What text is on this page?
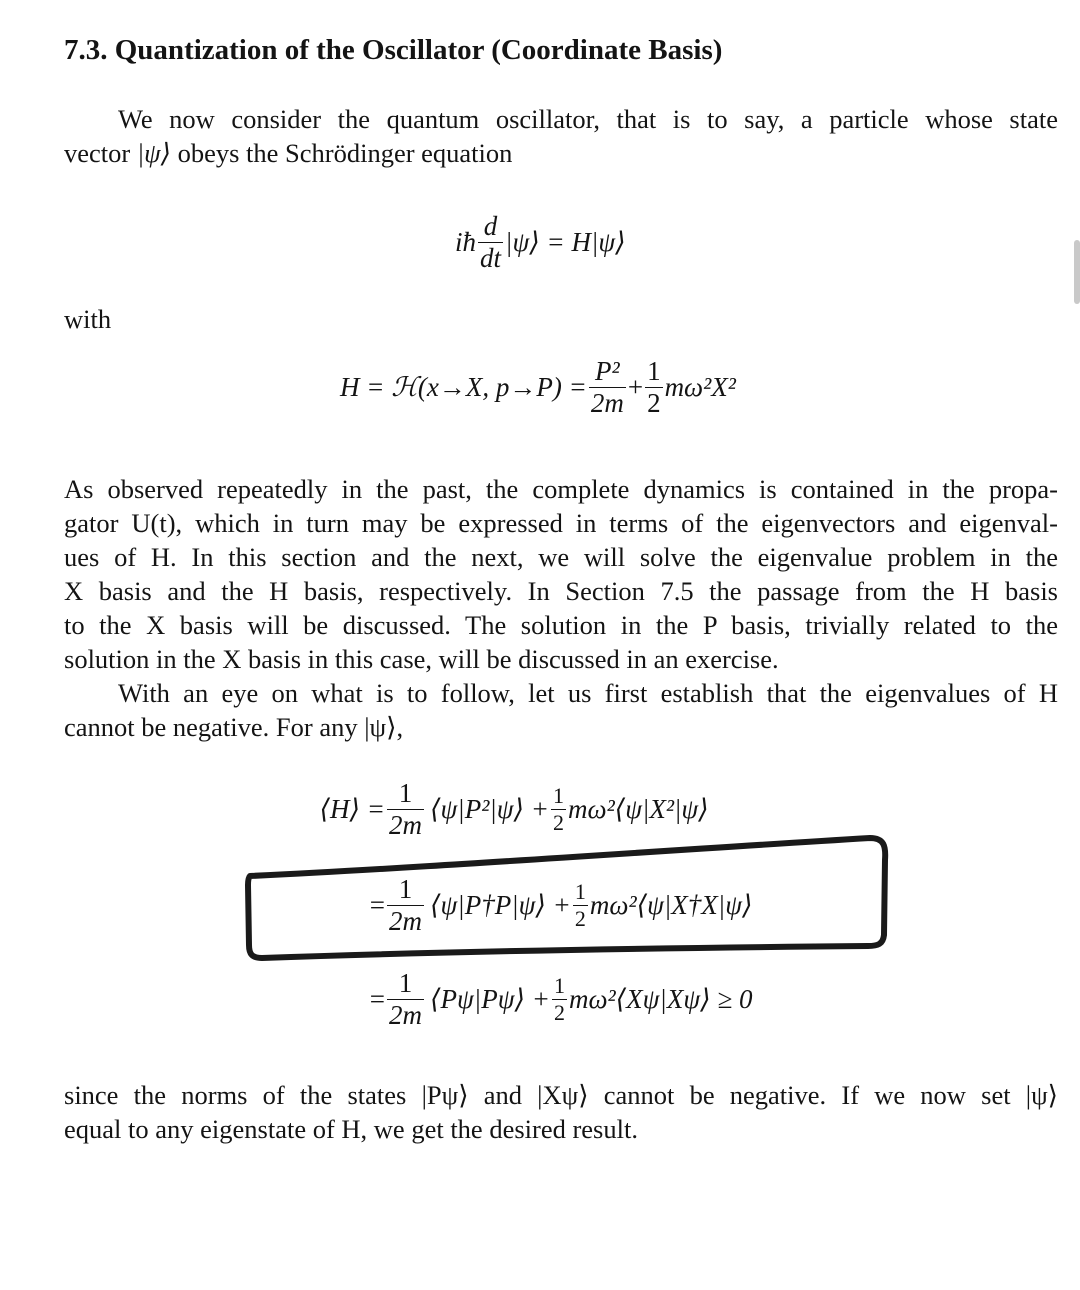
7.3. Quantization of the Oscillator (Coordinate Basis)

We now consider the quantum oscillator, that is to say, a particle whose state
vector |ψ⟩ obeys the Schrödinger equation

iħ $\frac{d}{dt}$ |ψ⟩ = H|ψ⟩

with

H = ℋ(x→X, $p\to P) = \frac{\text{P²}}{2m} + \frac{1}{2} m\omega^2X^2$

As observed repeatedly in the past, the complete dynamics is contained in the propa-
gator U(t), which in turn may be expressed in terms of the eigenvectors and eigenval-
ues of H. In this section and the next, we will solve the eigenvalue problem in the
X basis and the H basis, respectively. In Section 7.5 the passage from the H basis
to the X basis will be discussed. The solution in the P basis, trivially related to the
solution in the X basis in this case, will be discussed in an exercise.
With an eye on what is to follow, let us first establish that the eigenvalues of H
cannot be negative. For any |ψ⟩,

⟨H⟩ = $\frac{1}{2m}$ ⟨ψ|P²|ψ⟩ + $\frac{1}{2}$ mω²⟨ψ|X²|ψ⟩
= $\frac{1}{2m}$ ⟨ψ|P†P|ψ⟩ + $\frac{1}{2}$ mω²⟨ψ|X†X|ψ⟩
= $\frac{1}{2m}$ ⟨Pψ|Pψ⟩ + $\frac{1}{2}$ mω²⟨Xψ|Xψ⟩ ≥ 0

since the norms of the states |Pψ⟩ and |Xψ⟩ cannot be negative. If we now set |ψ⟩
equal to any eigenstate of H, we get the desired result.
